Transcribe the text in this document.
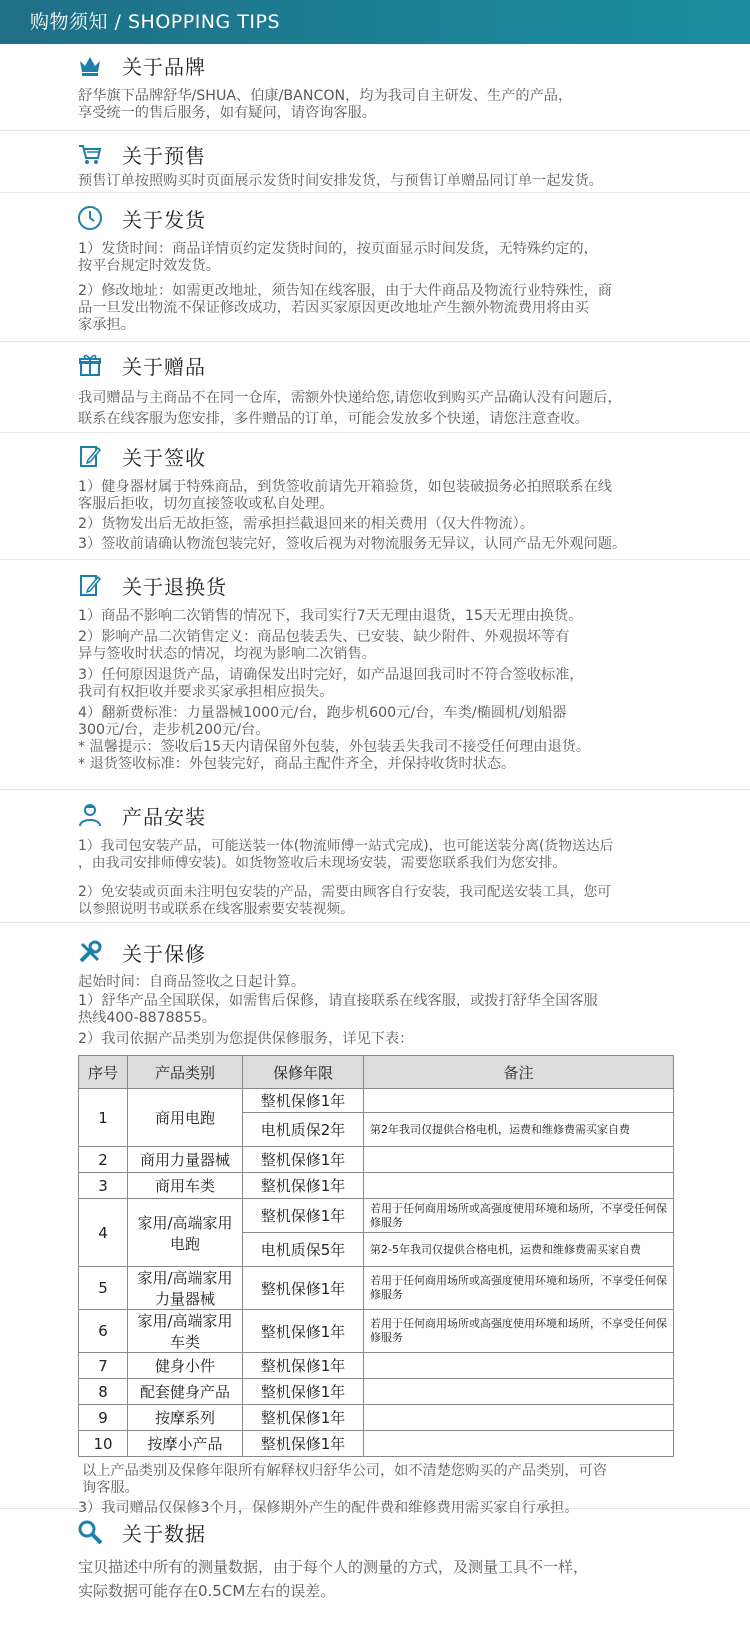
购物须知 / SHOPPING TIPS
关于品牌

舒华旗下品牌舒华/SHUA、伯康/BANCON，均为我司自主研发、生产的产品，
享受统一的售后服务，如有疑问，请咨询客服。

关于预售

预售订单按照购买时页面展示发货时间安排发货，与预售订单赠品同订单一起发货。

关于发货

1）发货时间：商品详情页约定发货时间的，按页面显示时间发货，无特殊约定的，
按平台规定时效发货。

2）修改地址：如需更改地址，须告知在线客服，由于大件商品及物流行业特殊性，商
品一旦发出物流不保证修改成功，若因买家原因更改地址产生额外物流费用将由买
家承担。

关于赠品

我司赠品与主商品不在同一仓库，需额外快递给您,请您收到购买产品确认没有问题后，
联系在线客服为您安排，多件赠品的订单，可能会发放多个快递，请您注意查收。

关于签收

1）健身器材属于特殊商品，到货签收前请先开箱验货，如包装破损务必拍照联系在线
客服后拒收，切勿直接签收或私自处理。
2）货物发出后无故拒签，需承担拦截退回来的相关费用（仅大件物流）。
3）签收前请确认物流包装完好，签收后视为对物流服务无异议，认同产品无外观问题。

关于退换货

1）商品不影响二次销售的情况下，我司实行7天无理由退货，15天无理由换货。

2）影响产品二次销售定义：商品包装丢失、已安装、缺少附件、外观损坏等有
异与签收时状态的情况，均视为影响二次销售。

3）任何原因退货产品，请确保发出时完好，如产品退回我司时不符合签收标准，
我司有权拒收并要求买家承担相应损失。

4）翻新费标准：力量器械1000元/台，跑步机600元/台，车类/椭圆机/划船器
300元/台，走步机200元/台。
* 温馨提示：签收后15天内请保留外包装，外包装丢失我司不接受任何理由退货。
* 退货签收标准：外包装完好，商品主配件齐全，并保持收货时状态。

产品安装

1）我司包安装产品，可能送装一体(物流师傅一站式完成)，也可能送装分离(货物送达后
，由我司安排师傅安装)。如货物签收后未现场安装，需要您联系我们为您安排。

2）免安装或页面未注明包安装的产品，需要由顾客自行安装，我司配送安装工具，您可
以参照说明书或联系在线客服索要安装视频。

关于保修

起始时间：自商品签收之日起计算。

1）舒华产品全国联保，如需售后保修，请直接联系在线客服，或拨打舒华全国客服
热线400-8878855。

2）我司依据产品类别为您提供保修服务，详见下表：

序号	产品类别	保修年限	备注
1	商用电跑	整机保修1年	
		电机质保2年	第2年我司仅提供合格电机，运费和维修费需买家自费
2	商用力量器械	整机保修1年	
3	商用车类	整机保修1年	
4	家用/高端家用电跑	整机保修1年	若用于任何商用场所或高强度使用环境和场所，不享受任何保修服务
		电机质保5年	第2-5年我司仅提供合格电机，运费和维修费需买家自费
5	家用/高端家用力量器械	整机保修1年	若用于任何商用场所或高强度使用环境和场所，不享受任何保修服务
6	家用/高端家用车类	整机保修1年	若用于任何商用场所或高强度使用环境和场所，不享受任何保修服务
7	健身小件	整机保修1年	
8	配套健身产品	整机保修1年	
9	按摩系列	整机保修1年	
10	按摩小产品	整机保修1年	

以上产品类别及保修年限所有解释权归舒华公司，如不清楚您购买的产品类别，可咨
询客服。

3）我司赠品仅保修3个月，保修期外产生的配件费和维修费用需买家自行承担。

关于数据

宝贝描述中所有的测量数据，由于每个人的测量的方式，及测量工具不一样，
实际数据可能存在0.5CM左右的误差。
